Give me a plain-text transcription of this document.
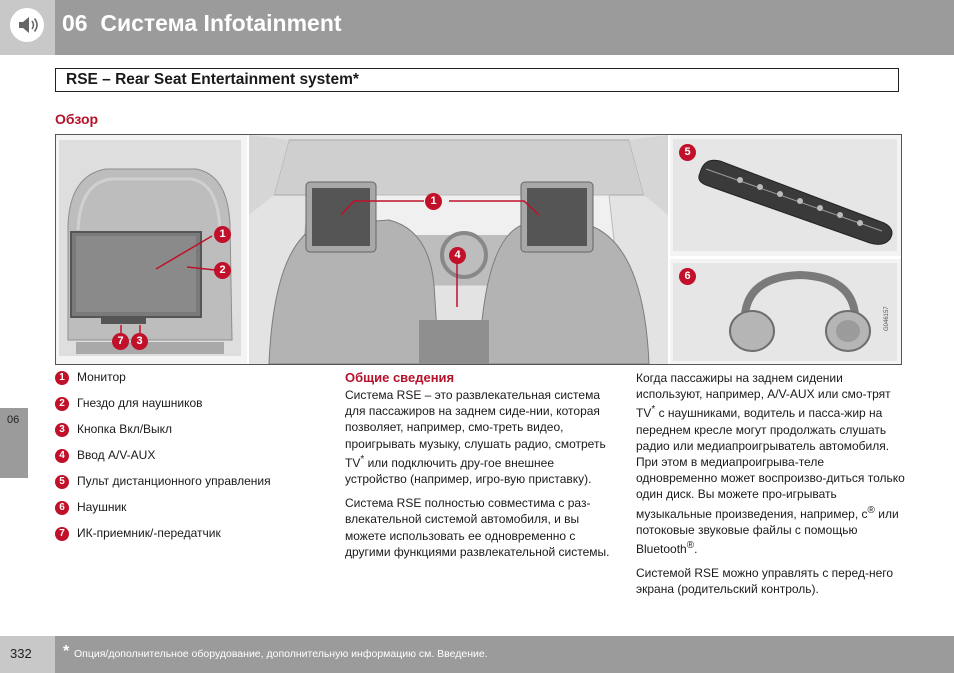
06 Система Infotainment
RSE – Rear Seat Entertainment system*
Обзор
1
2
7	3
1
4
5
6
G046157
1	Монитор
2	Гнездо для наушников
3	Кнопка Вкл/Выкл
4	Ввод A/V-AUX
5	Пульт дистанционного управления
6	Наушник
7	ИК-приемник/-передатчик
Общие сведения

Система RSE – это развлекательная система для пассажиров на заднем сиде-нии, которая позволяет, например, смо-треть видео, проигрывать музыку, слушать радио, смотреть TV* или подключить дру-гое внешнее устройство (например, игро-вую приставку).

Система RSE полностью совместима с раз-влекательной системой автомобиля, и вы можете использовать ее одновременно с другими функциями развлекательной системы.

Когда пассажиры на заднем сидении используют, например, A/V-AUX или смо-трят TV* с наушниками, водитель и пасса-жир на переднем кресле могут продолжать слушать радио или медиапроигрыватель автомобиля. При этом в медиапроигрыва-теле одновременно может воспроизво-диться только один диск. Вы можете про-игрывать музыкальные произведения, например, с® или потоковые звуковые файлы с помощью Bluetooth®.

Системой RSE можно управлять с перед-него экрана (родительский контроль).

06
332 * Опция/дополнительное оборудование, дополнительную информацию см. Введение.
